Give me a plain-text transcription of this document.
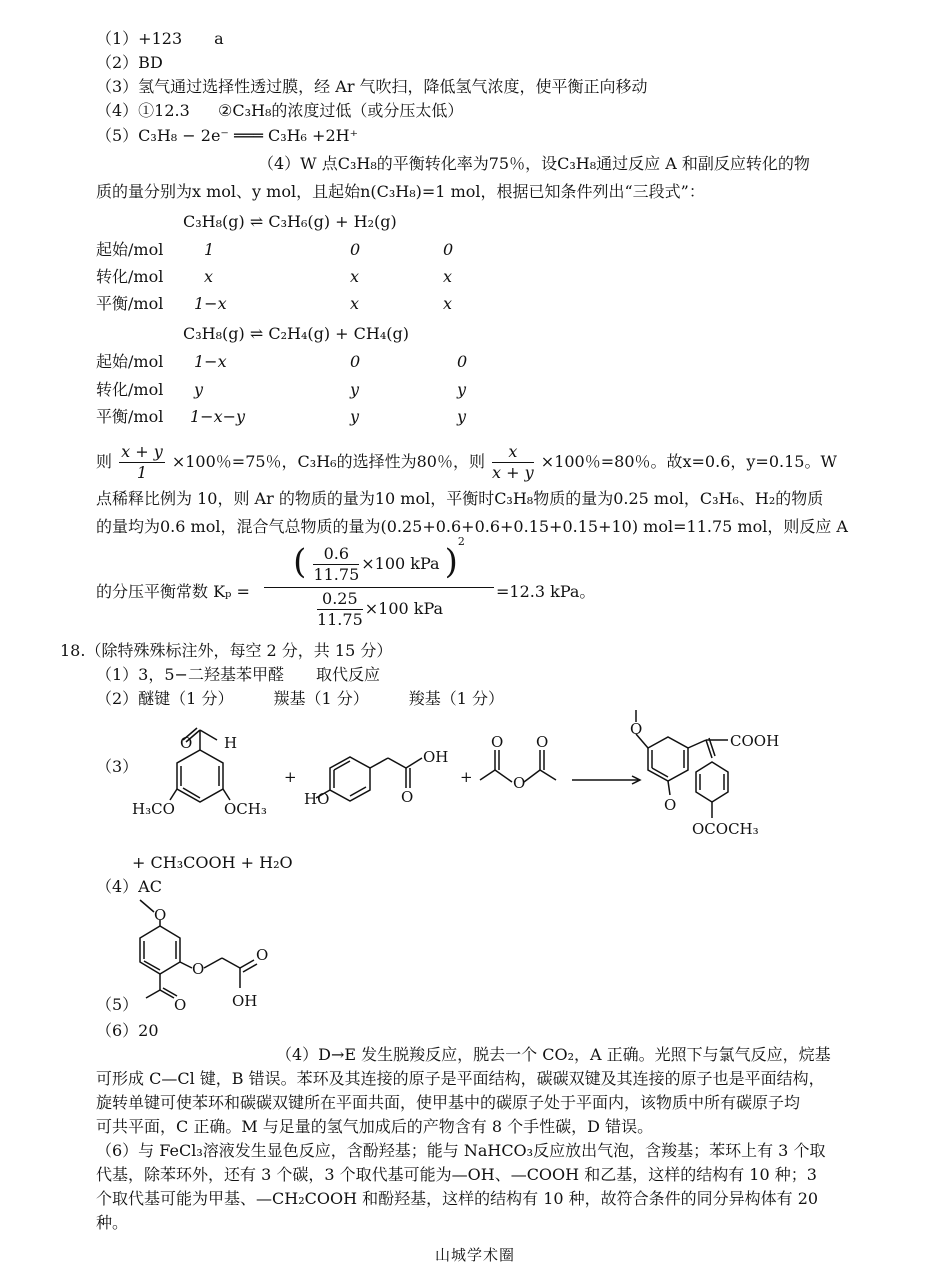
（1）+123　　a
（2）BD
（3）氢气通过选择性透过膜，经 Ar 气吹扫，降低氢气浓度，使平衡正向移动
（4）①12.3 ②C₃H₈的浓度过低（或分压太低）
（5）C₃H₈ − 2e⁻ ═══ C₃H₆ +2H⁺
（4）W 点C₃H₈的平衡转化率为75％，设C₃H₈通过反应 A 和副反应转化的物
质的量分别为x mol、y mol，且起始n(C₃H₈)=1 mol，根据已知条件列出“三段式”：
C₃H₈(g) ⇌ C₃H₆(g) + H₂(g)
起始/mol	1	0	0
转化/mol	x	x	x
平衡/mol 1−x	x	x
C₃H₈(g) ⇌ C₂H₄(g) + CH₄(g)
起始/mol 1−x	0	0
转化/mol y	y	y
平衡/mol 1−x−y	y	y
则 $\frac{x + y}{1} \times 100$％=75％，C₃H₆的选择性为80％，则 $\frac{x}{x + y} \times 100$％=80％。故x=0.6，y=0.15。W
点稀释比例为 10，则 Ar 的物质的量为10 mol，平衡时C₃H₈物质的量为0.25 mol，C₃H₆、H₂的物质
的量均为0.6 mol，混合气总物质的量为(0.25+0.6+0.6+0.15+0.15+10) mol=11.75 mol，则反应 A
的分压平衡常数 Kₚ =
( $\frac{0.6}{11.75} \times 100$ kPa )$^2$
$\frac{0.25}{11.75} \times 100$ kPa
=12.3 kPa。
18.（除特殊殊标注外，每空 2 分，共 15 分）
（1）3，5−二羟基苯甲醛　　取代反应
（2）醚键（1 分）　　　羰基（1 分）　　　羧基（1 分）
（3）
O H
H₃CO	OCH₃
+
HO	O
OH
+
O
O
O
O
O
COOH
OCOCH₃
+ CH₃COOH + H₂O
（4）AC
O
O
O
OH
O
（5）
（6）20
（4）D→E 发生脱羧反应，脱去一个 CO₂，A 正确。光照下与氯气反应，烷基
可形成 C—Cl 键，B 错误。苯环及其连接的原子是平面结构，碳碳双键及其连接的原子也是平面结构，
旋转单键可使苯环和碳碳双键所在平面共面，使甲基中的碳原子处于平面内，该物质中所有碳原子均
可共平面，C 正确。M 与足量的氢气加成后的产物含有 8 个手性碳，D 错误。
（6）与 FeCl₃溶液发生显色反应，含酚羟基；能与 NaHCO₃反应放出气泡，含羧基；苯环上有 3 个取
代基，除苯环外，还有 3 个碳，3 个取代基可能为—OH、—COOH 和乙基，这样的结构有 10 种；3
个取代基可能为甲基、—CH₂COOH 和酚羟基，这样的结构有 10 种，故符合条件的同分异构体有 20
种。
山城学术圈
